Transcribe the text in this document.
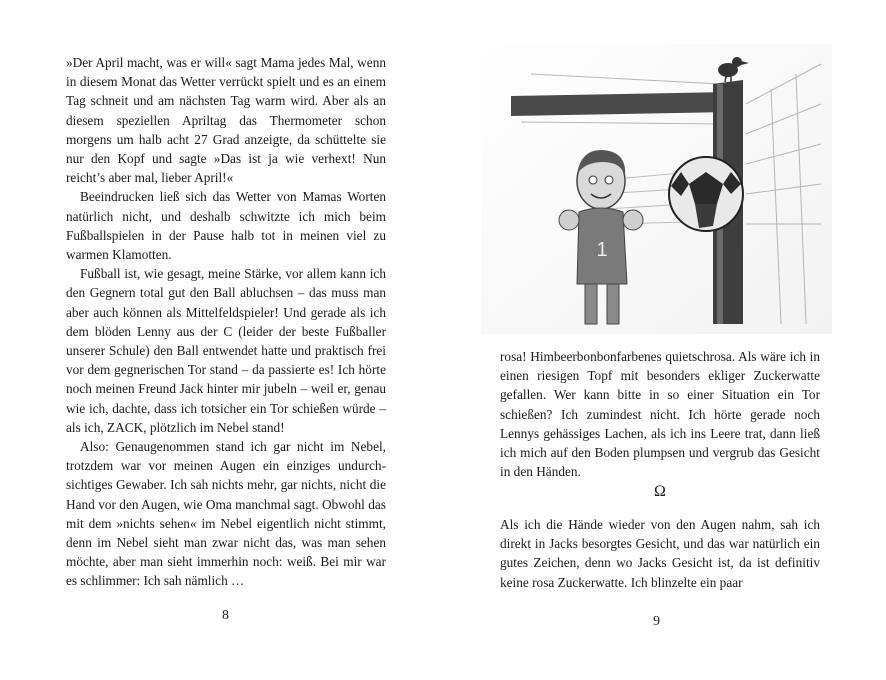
»Der April macht, was er will« sagt Mama jedes Mal, wenn in diesem Monat das Wetter verrückt spielt und es an einem Tag schneit und am nächsten Tag warm wird. Aber als an diesem speziellen Apriltag das Thermometer schon morgens um halb acht 27 Grad anzeigte, da schüttelte sie nur den Kopf und sagte »Das ist ja wie verhext! Nun reicht’s aber mal, lieber April!«

Beeindrucken ließ sich das Wetter von Mamas Worten natürlich nicht, und deshalb schwitzte ich mich beim Fußballspielen in der Pause halb tot in meinen viel zu warmen Klamotten.

Fußball ist, wie gesagt, meine Stärke, vor allem kann ich den Gegnern total gut den Ball abluchsen – das muss man aber auch können als Mittelfeldspieler! Und gerade als ich dem blöden Lenny aus der C (leider der beste Fußballer unserer Schule) den Ball entwendet hatte und praktisch frei vor dem gegnerischen Tor stand – da passierte es! Ich hörte noch meinen Freund Jack hinter mir jubeln – weil er, genau wie ich, dachte, dass ich totsicher ein Tor schießen würde – als ich, ZACK, plötzlich im Nebel stand!

Also: Genaugenommen stand ich gar nicht im Nebel, trotzdem war vor meinen Augen ein einziges undurchsichtiges Gewaber. Ich sah nichts mehr, gar nichts, nicht die Hand vor den Augen, wie Oma manchmal sagt. Obwohl das mit dem »nichts sehen« im Nebel eigentlich nicht stimmt, denn im Nebel sieht man zwar nicht das, was man sehen möchte, aber man sieht immerhin noch: weiß. Bei mir war es schlimmer: Ich sah nämlich …

8
1

rosa! Himbeerbonbonfarbenes quietschrosa. Als wäre ich in einen riesigen Topf mit besonders ekliger Zuckerwatte gefallen. Wer kann bitte in so einer Situation ein Tor schießen? Ich zumindest nicht. Ich hörte gerade noch Lennys gehässiges Lachen, als ich ins Leere trat, dann ließ ich mich auf den Boden plumpsen und vergrub das Gesicht in den Händen.

Ω

Als ich die Hände wieder von den Augen nahm, sah ich direkt in Jacks besorgtes Gesicht, und das war natürlich ein gutes Zeichen, denn wo Jacks Gesicht ist, da ist definitiv keine rosa Zuckerwatte. Ich blinzelte ein paar

9
